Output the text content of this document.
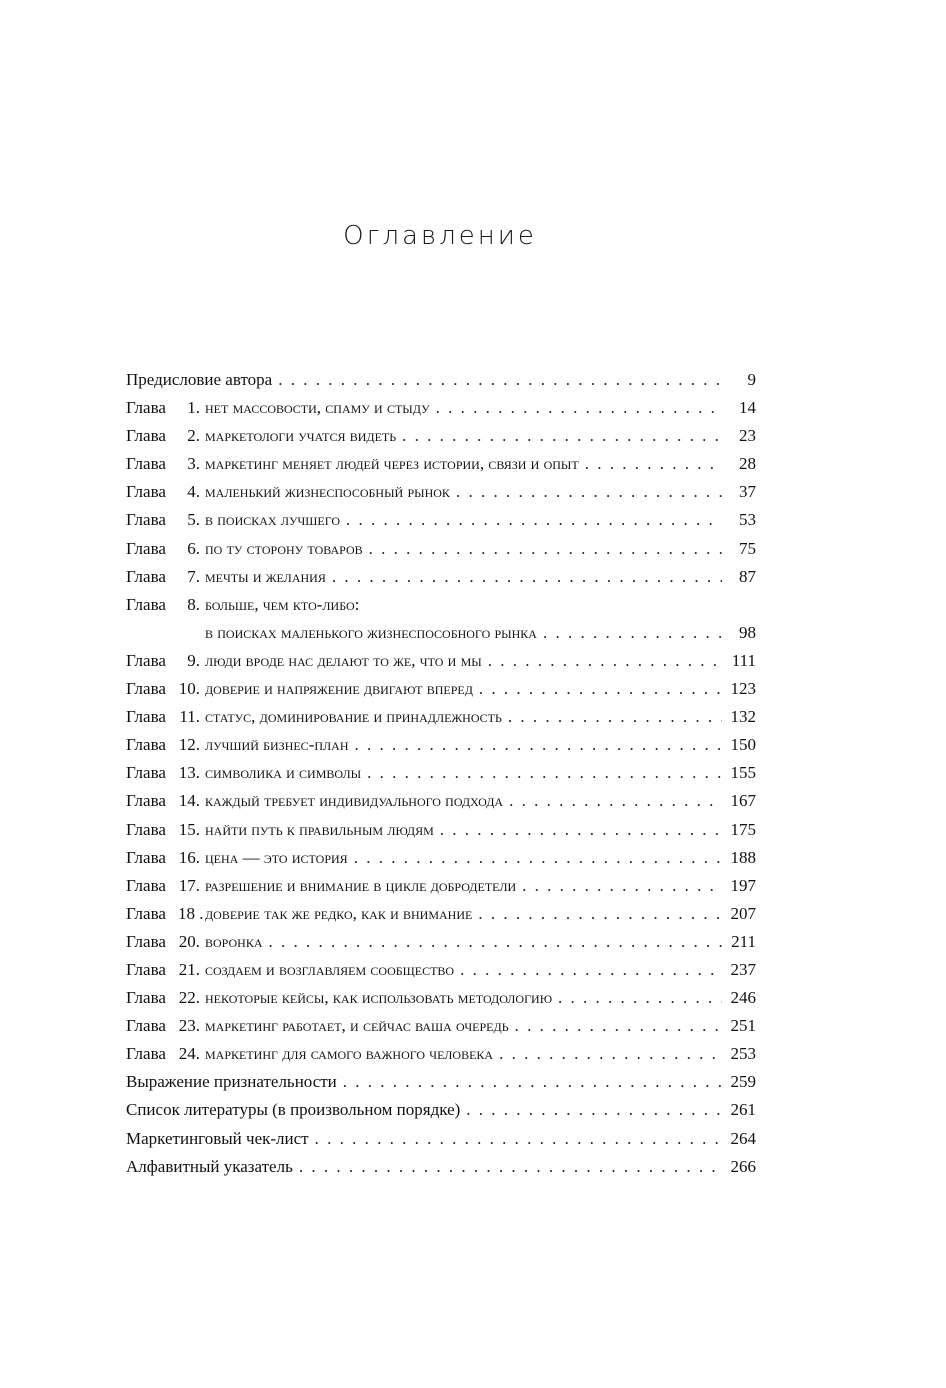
Оглавление
Предисловие автора . . .	9
Глава	1. нет массовости, спаму и стыду . . .	14
Глава	2. маркетологи учатся видеть . . .	23
Глава	3. маркетинг меняет людей через истории, связи и опыт . . .	28
Глава	4. маленький жизнеспособный рынок . . .	37
Глава	5. в поисках лучшего . . .	53
Глава	6. по ту сторону товаров . . .	75
Глава	7. мечты и желания . . .	87
Глава	8. больше, чем кто-либо:
в поисках маленького жизнеспособного рынка . . .	98
Глава	9. люди вроде нас делают то же, что и мы . . .	111
Глава 10. доверие и напряжение двигают вперед . . .	123
Глава 11. статус, доминирование и принадлежность . . .	132
Глава 12. лучший бизнес-план . . .	150
Глава 13. символика и символы . . .	155
Глава 14. каждый требует индивидуального подхода . . .	167
Глава 15. найти путь к правильным людям . . .	175
Глава 16. цена — это история . . .	188
Глава 17. разрешение и внимание в цикле добродетели . . .	197
Глава 18 . доверие так же редко, как и внимание . . .	207
Глава 20. воронка . . .	211
Глава 21. создаем и возглавляем сообщество . . .	237
Глава 22. некоторые кейсы, как использовать методологию . . .	246
Глава 23. маркетинг работает, и сейчас ваша очередь . . .	251
Глава 24. маркетинг для самого важного человека . . .	253
Выражение признательности . . .	259
Список литературы (в произвольном порядке) . . .	261
Маркетинговый чек-лист . . .	264
Алфавитный указатель . . .	266
